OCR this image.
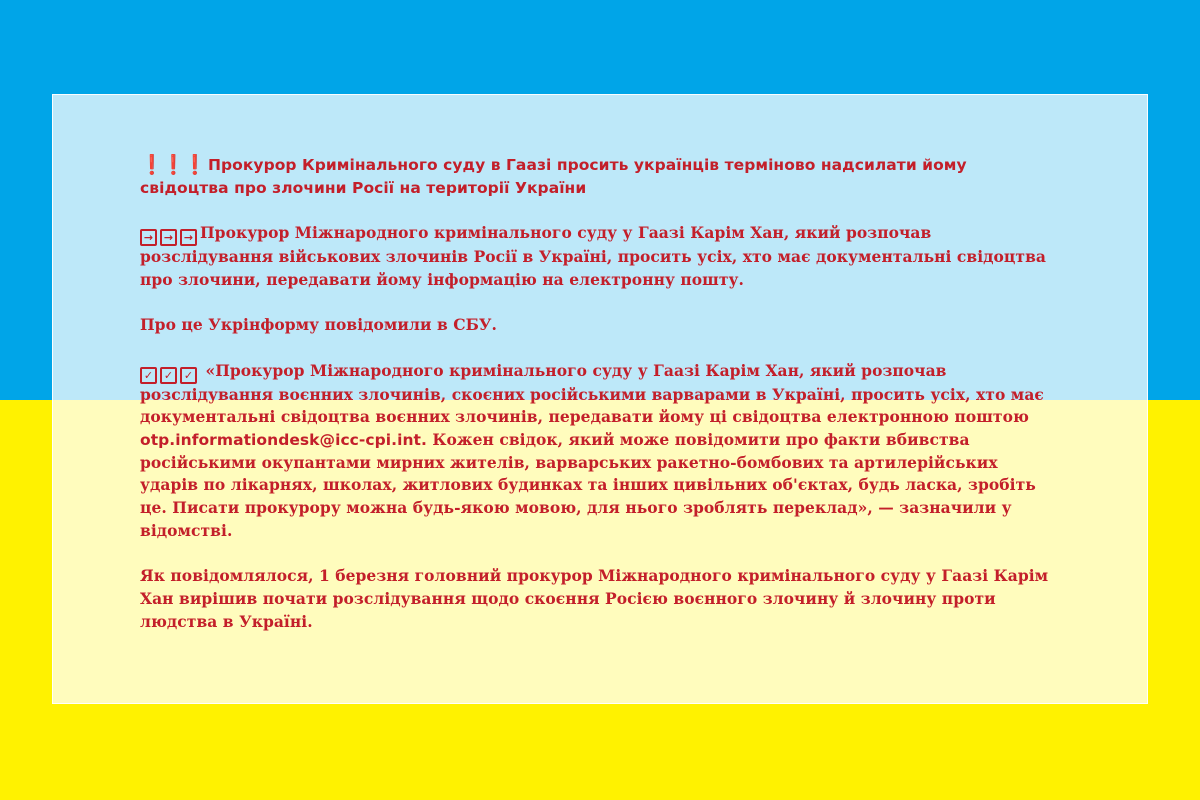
❗❗❗ Прокурор Кримінального суду в Гаазі просить українців терміново надсилати йому свідоцтва про злочини Росії на території України

→ → → Прокурор Міжнародного кримінального суду у Гаазі Карім Хан, який розпочав розслідування військових злочинів Росії в Україні, просить усіх, хто має документальні свідоцтва про злочини, передавати йому інформацію на електронну пошту.

Про це Укрінформу повідомили в СБУ.

✓ ✓ ✓ «Прокурор Міжнародного кримінального суду у Гаазі Карім Хан, який розпочав розслідування воєнних злочинів, скоєних російськими варварами в Україні, просить усіх, хто має документальні свідоцтва воєнних злочинів, передавати йому ці свідоцтва електронною поштою otp.informationdesk@icc-cpi.int. Кожен свідок, який може повідомити про факти вбивства російськими окупантами мирних жителів, варварських ракетно-бомбових та артилерійських ударів по лікарнях, школах, житлових будинках та інших цивільних об'єктах, будь ласка, зробіть це. Писати прокурору можна будь-якою мовою, для нього зроблять переклад», — зазначили у відомстві.

Як повідомлялося, 1 березня головний прокурор Міжнародного кримінального суду у Гаазі Карім Хан вирішив почати розслідування щодо скоєння Росією воєнного злочину й злочину проти людства в Україні.
